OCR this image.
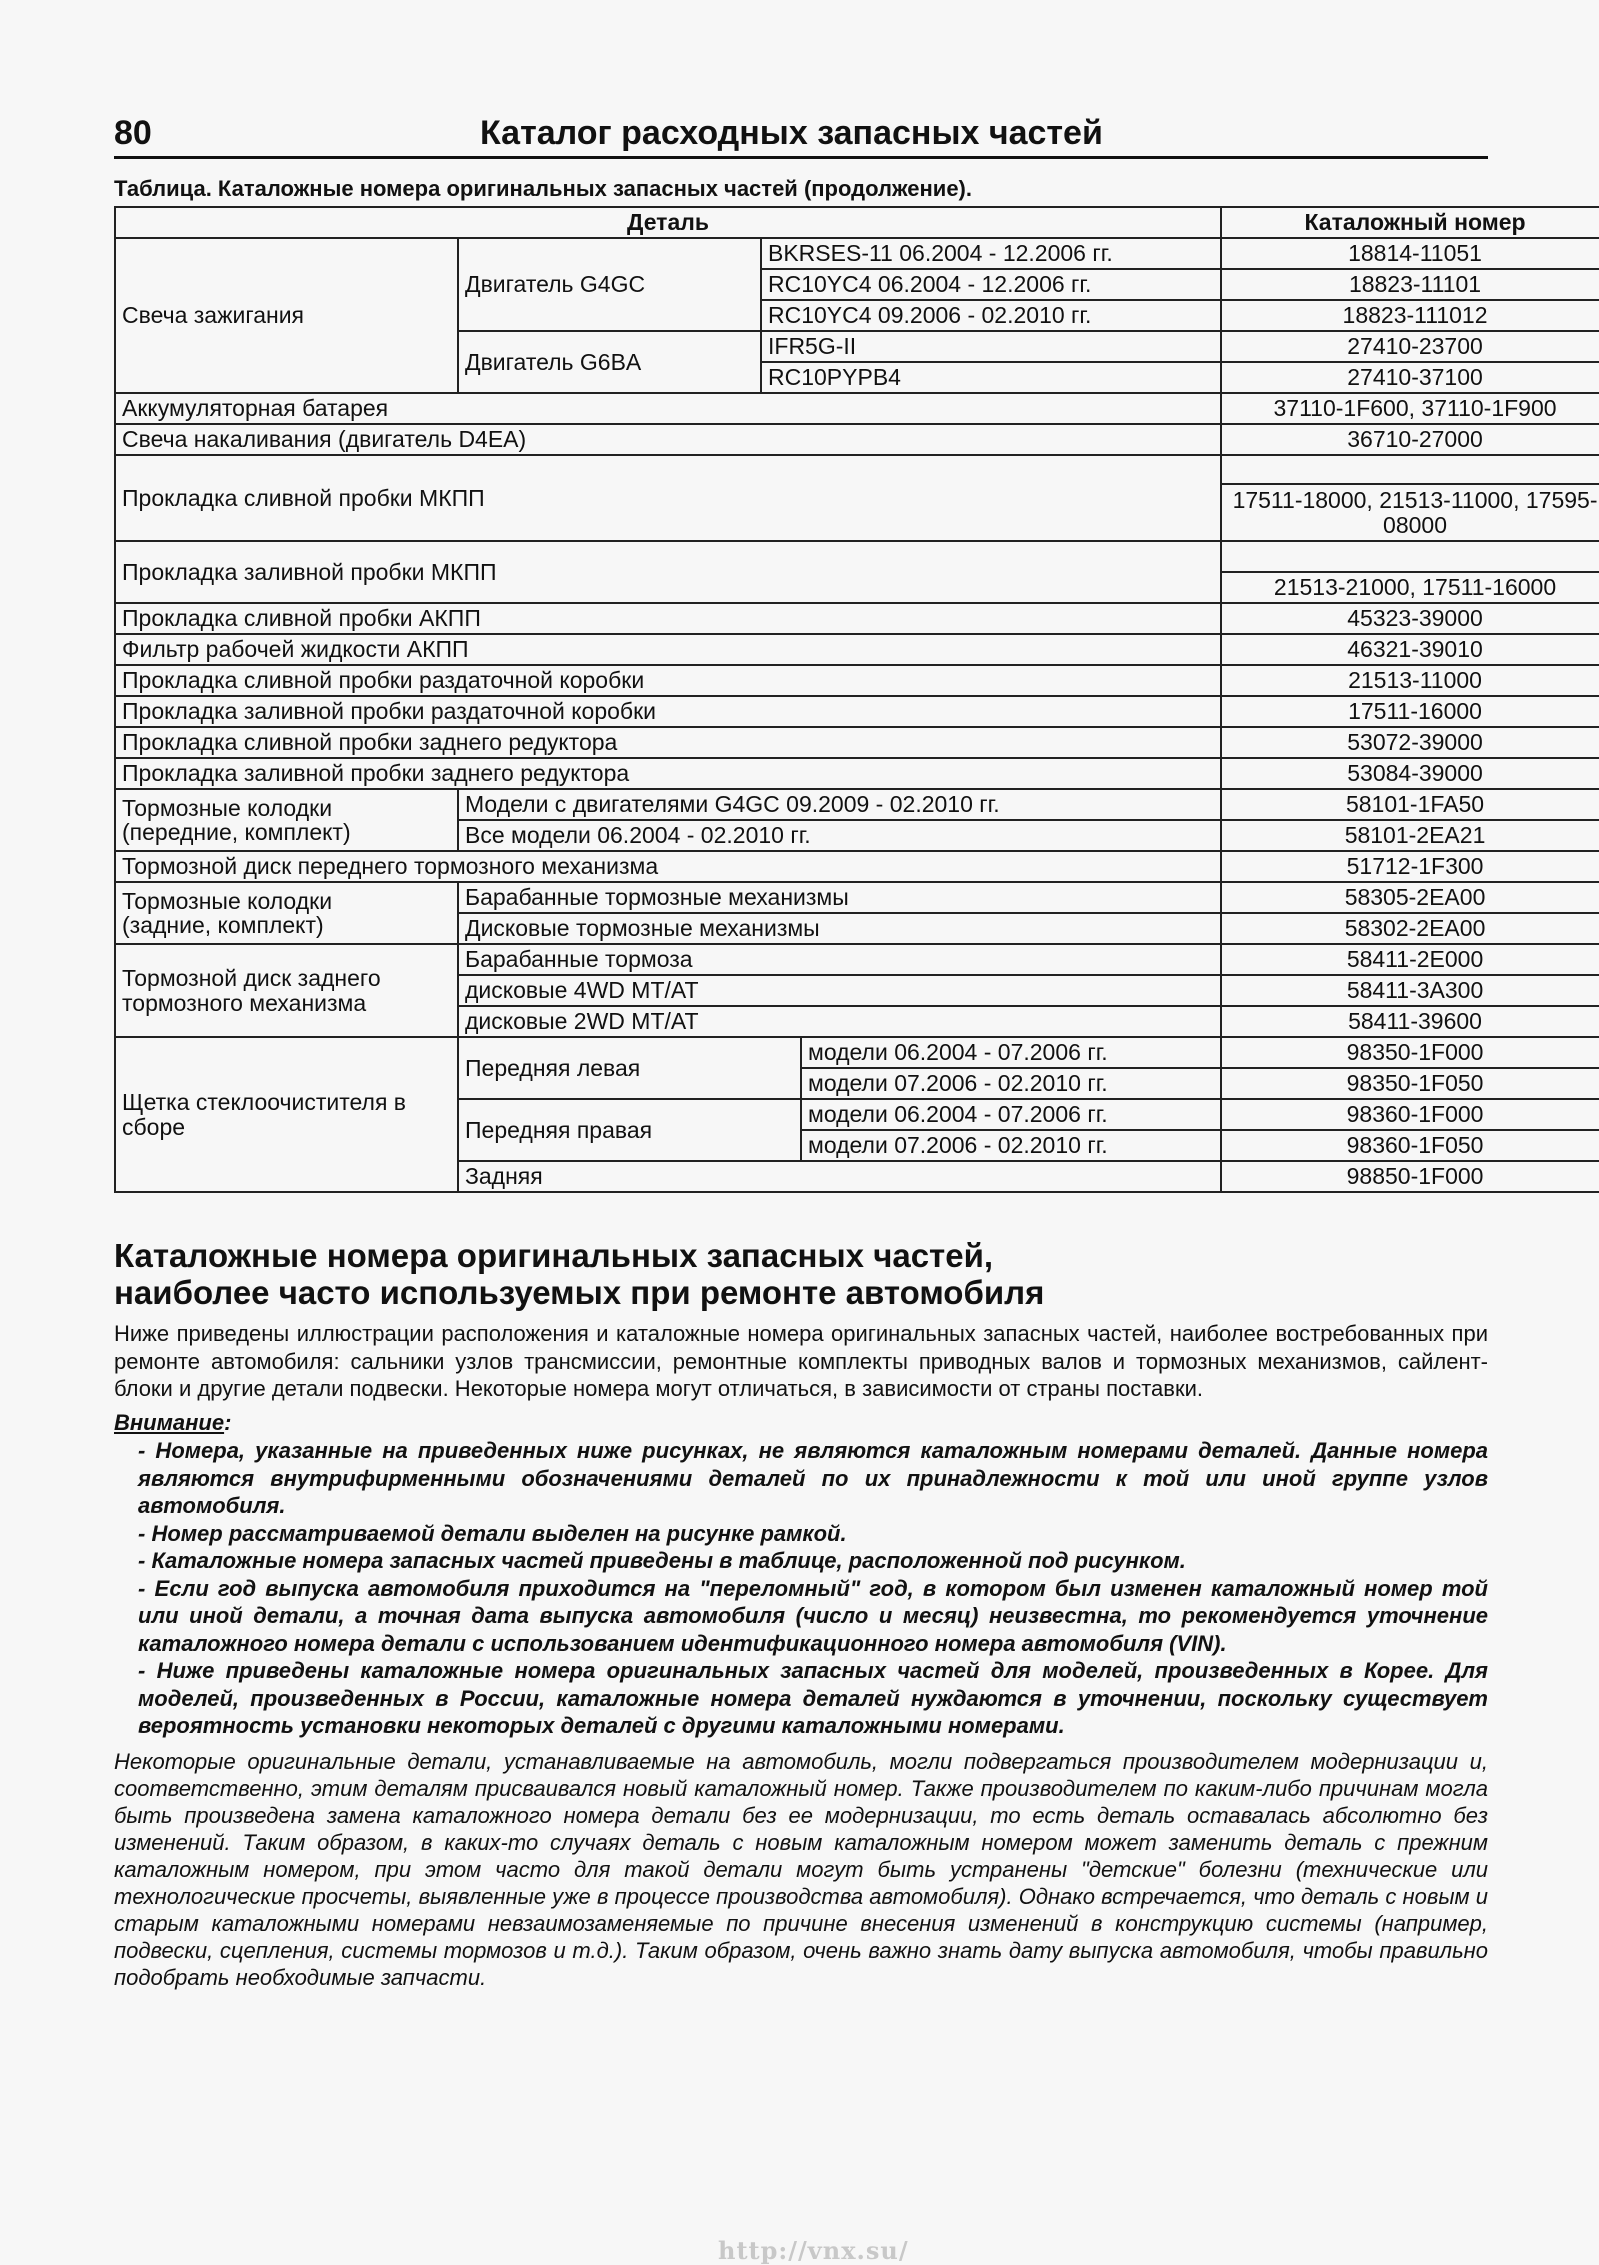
80	Каталог расходных запасных частей
Таблица. Каталожные номера оригинальных запасных частей (продолжение).
Деталь				Каталожный номер
Свеча зажигания	Двигатель G4GC	BKRSES-11 06.2004 - 12.2006 гг.		18814-11051
		RC10YC4 06.2004 - 12.2006 гг.		18823-11101
		RC10YC4 09.2006 - 02.2010 гг.		18823-111012
	Двигатель G6BA	IFR5G-II		27410-23700
		RC10PYPB4		27410-37100
Аккумуляторная батарея				37110-1F600, 37110-1F900
Свеча накаливания (двигатель D4EA)				36710-27000
Прокладка сливной пробки МКПП				
				17511-18000, 21513-11000, 17595-08000
Прокладка заливной пробки МКПП				
				21513-21000, 17511-16000
Прокладка сливной пробки АКПП				45323-39000
Фильтр рабочей жидкости АКПП				46321-39010
Прокладка сливной пробки раздаточной коробки				21513-11000
Прокладка заливной пробки раздаточной коробки				17511-16000
Прокладка сливной пробки заднего редуктора				53072-39000
Прокладка заливной пробки заднего редуктора				53084-39000
Тормозные колодки
(передние, комплект)	Модели с двигателями G4GC 09.2009 - 02.2010 гг.			58101-1FA50
	Все модели 06.2004 - 02.2010 гг.			58101-2EA21
Тормозной диск переднего тормозного механизма				51712-1F300
Тормозные колодки
(задние, комплект)	Барабанные тормозные механизмы			58305-2EA00
	Дисковые тормозные механизмы			58302-2EA00
Тормозной диск заднего
тормозного механизма	Барабанные тормоза			58411-2E000
	дисковые 4WD MT/AT			58411-3A300
	дисковые 2WD MT/AT			58411-39600
Щетка стеклоочистителя в
сборе	Передняя левая		модели 06.2004 - 07.2006 гг.	98350-1F000
			модели 07.2006 - 02.2010 гг.	98350-1F050
	Передняя правая		модели 06.2004 - 07.2006 гг.	98360-1F000
			модели 07.2006 - 02.2010 гг.	98360-1F050
	Задняя			98850-1F000
Каталожные номера оригинальных запасных частей,
наиболее часто используемых при ремонте автомобиля

Ниже приведены иллюстрации расположения и каталожные номера оригинальных запасных частей, наиболее востребованных при ремонте автомобиля: сальники узлов трансмиссии, ремонтные комплекты приводных валов и тормозных механизмов, сайлент-блоки и другие детали подвески. Некоторые номера могут отличаться, в зависимости от страны поставки.

Внимание:
- Номера, указанные на приведенных ниже рисунках, не являются каталожным номерами деталей. Данные номера являются внутрифирменными обозначениями деталей по их принадлежности к той или иной группе узлов автомобиля.
- Номер рассматриваемой детали выделен на рисунке рамкой.
- Каталожные номера запасных частей приведены в таблице, расположенной под рисунком.
- Если год выпуска автомобиля приходится на "переломный" год, в котором был изменен каталожный номер той или иной детали, а точная дата выпуска автомобиля (число и месяц) неизвестна, то рекомендуется уточнение каталожного номера детали с использованием идентификационного номера автомобиля (VIN).
- Ниже приведены каталожные номера оригинальных запасных частей для моделей, произведенных в Корее. Для моделей, произведенных в России, каталожные номера деталей нуждаются в уточнении, поскольку существует вероятность установки некоторых деталей с другими каталожными номерами.

Некоторые оригинальные детали, устанавливаемые на автомобиль, могли подвергаться производителем модернизации и, соответственно, этим деталям присваивался новый каталожный номер. Также производителем по каким-либо причинам могла быть произведена замена каталожного номера детали без ее модернизации, то есть деталь оставалась абсолютно без изменений. Таким образом, в каких-то случаях деталь с новым каталожным номером может заменить деталь с прежним каталожным номером, при этом часто для такой детали могут быть устранены "детские" болезни (технические или технологические просчеты, выявленные уже в процессе производства автомобиля). Однако встречается, что деталь с новым и старым каталожными номерами невзаимозаменяемые по причине внесения изменений в конструкцию системы (например, подвески, сцепления, системы тормозов и т.д.). Таким образом, очень важно знать дату выпуска автомобиля, чтобы правильно подобрать необходимые запчасти.

http://vnx.su/
